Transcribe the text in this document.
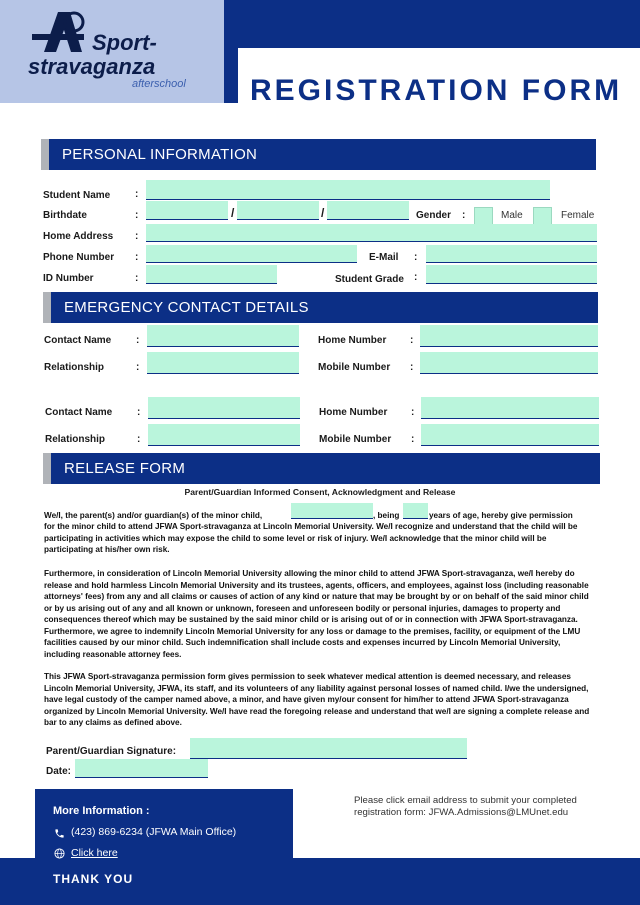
Sport-
stravaganza
afterschool REGISTRATION FORM
PERSONAL INFORMATION
Student Name :
Birthdate	:	/	/	Gender :	Male	Female
Home Address :
Phone Number :	E-Mail :
ID Number	:	Student Grade :
EMERGENCY CONTACT DETAILS
Contact Name :	Home Number :
Relationship	:	Mobile Number :
Contact Name :	Home Number :
Relationship	:	Mobile Number :
RELEASE FORM
Parent/Guardian Informed Consent, Acknowledgment and Release
We/I, the parent(s) and/or guardian(s) of the minor child,	, being	years of age, hereby give permission
for the minor child to attend JFWA Sport-stravaganza at Lincoln Memorial University. We/I recognize and understand that the child will be participating in activities which may expose the child to some level or risk of injury. We/I acknowledge that the minor child will be participating at his/her own risk.
Furthermore, in consideration of Lincoln Memorial University allowing the minor child to attend JFWA Sport-stravaganza, we/I hereby do release and hold harmless Lincoln Memorial University and its trustees, agents, officers, and employees, against loss (including reasonable attorneys' fees) from any and all claims or causes of action of any kind or nature that may be brought by or on behalf of the said minor child or by us arising out of any and all known or unknown, foreseen and unforeseen bodily or personal injuries, damages to property and consequences thereof which may be sustained by the said minor child or is arising out of or in connection with JFWA Sport-stravaganza. Furthermore, we agree to indemnify Lincoln Memorial University for any loss or damage to the premises, facility, or equipment of the LMU facilities caused by our minor child. Such indemnification shall include costs and expenses incurred by Lincoln Memorial University, including reasonable attorney fees.
This JFWA Sport-stravaganza permission form gives permission to seek whatever medical attention is deemed necessary, and releases Lincoln Memorial University, JFWA, its staff, and its volunteers of any liability against personal losses of named child. I/we the undersigned, have legal custody of the camper named above, a minor, and have given my/our consent for him/her to attend JFWA Sport-stravaganza organized by Lincoln Memorial University. We/I have read the foregoing release and understand that we/I are signing a complete release and bar to any claims as defined above.
Parent/Guardian Signature:
Date:
More Information :
(423) 869-6234 (JFWA Main Office)
Click here
Please click email address to submit your completed
registration form: JFWA.Admissions@LMUnet.edu
THANK YOU
